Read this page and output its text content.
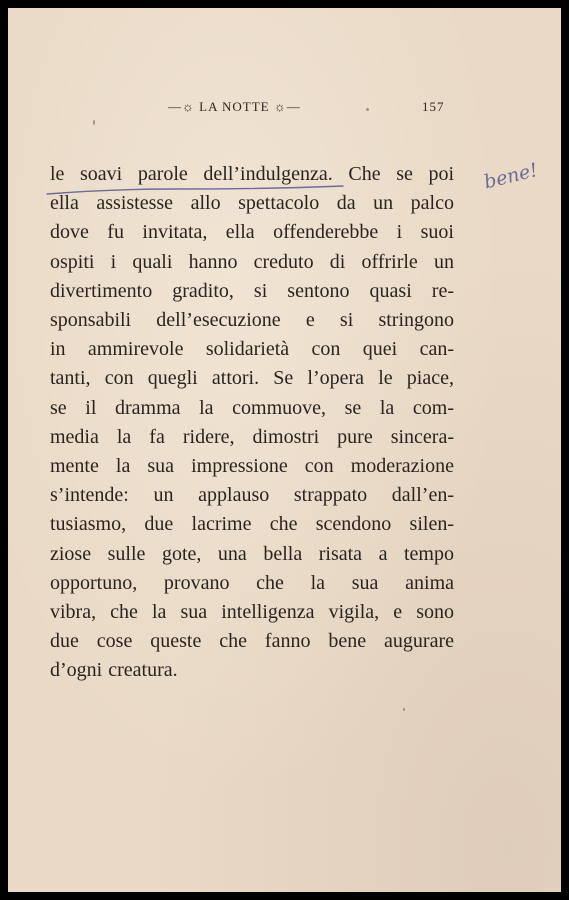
—☼ LA NOTTE ☼—	157
bene!
le soavi parole dell’indulgenza. Che se poi
ella assistesse allo spettacolo da un palco
dove fu invitata, ella offenderebbe i suoi
ospiti i quali hanno creduto di offrirle un
divertimento gradito, si sentono quasi re-
sponsabili dell’esecuzione e si stringono
in ammirevole solidarietà con quei can-
tanti, con quegli attori. Se l’opera le piace,
se il dramma la commuove, se la com-
media la fa ridere, dimostri pure sincera-
mente la sua impressione con moderazione
s’intende: un applauso strappato dall’en-
tusiasmo, due lacrime che scendono silen-
ziose sulle gote, una bella risata a tempo
opportuno, provano che la sua anima
vibra, che la sua intelligenza vigila, e sono
due cose queste che fanno bene augurare
d’ogni creatura.
